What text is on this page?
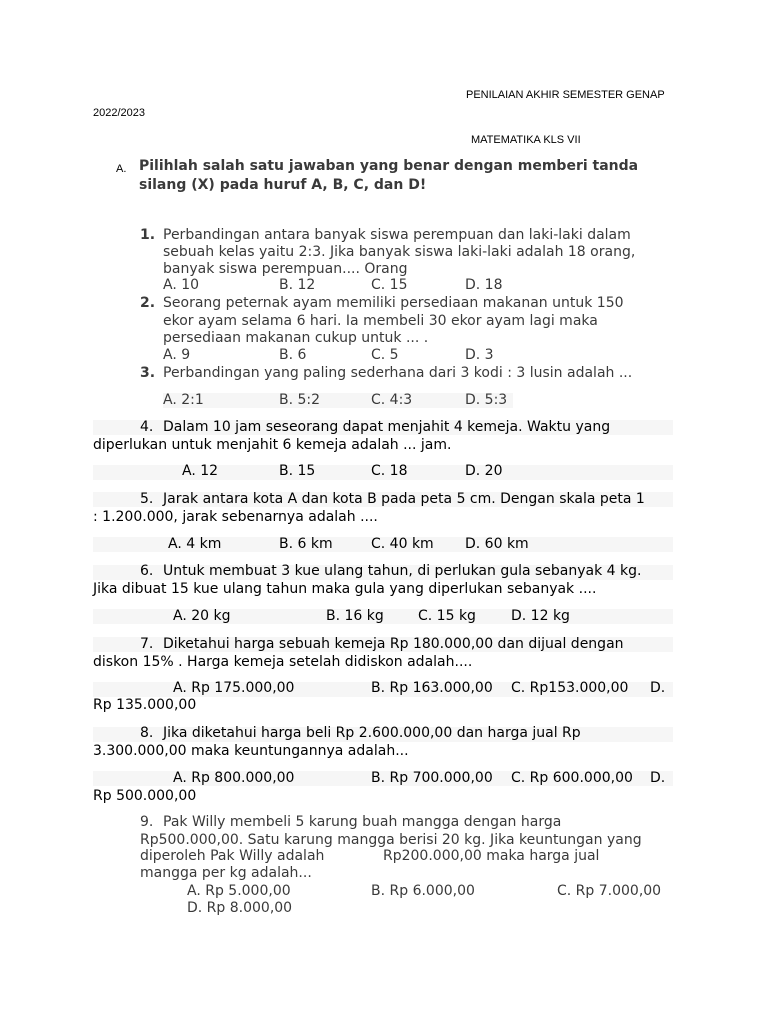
PENILAIAN AKHIR SEMESTER GENAP
2022/2023
MATEMATIKA KLS VII
A. Pilihlah salah satu jawaban yang benar dengan memberi tanda
silang (X) pada huruf A, B, C, dan D!
1. Perbandingan antara banyak siswa perempuan dan laki-laki dalam
sebuah kelas yaitu 2:3. Jika banyak siswa laki-laki adalah 18 orang,
banyak siswa perempuan.... Orang
A. 10	B. 12	C. 15	D. 18
2. Seorang peternak ayam memiliki persediaan makanan untuk 150
ekor ayam selama 6 hari. Ia membeli 30 ekor ayam lagi maka
persediaan makanan cukup untuk ... .
A. 9	B. 6	C. 5	D. 3
3. Perbandingan yang paling sederhana dari 3 kodi : 3 lusin adalah ...
A. 2:1	B. 5:2	C. 4:3	D. 5:3
4. Dalam 10 jam seseorang dapat menjahit 4 kemeja. Waktu yang
diperlukan untuk menjahit 6 kemeja adalah ... jam.
A. 12	B. 15	C. 18	D. 20
5. Jarak antara kota A dan kota B pada peta 5 cm. Dengan skala peta 1
: 1.200.000, jarak sebenarnya adalah ....
A. 4 km	B. 6 km	C. 40 km D. 60 km
6. Untuk membuat 3 kue ulang tahun, di perlukan gula sebanyak 4 kg.
Jika dibuat 15 kue ulang tahun maka gula yang diperlukan sebanyak ....
A. 20 kg	B. 16 kg C. 15 kg	D. 12 kg
7. Diketahui harga sebuah kemeja Rp 180.000,00 dan dijual dengan
diskon 15% . Harga kemeja setelah didiskon adalah....
A. Rp 175.000,00	B. Rp 163.000,00 C. Rp153.000,00 D.
Rp 135.000,00
8. Jika diketahui harga beli Rp 2.600.000,00 dan harga jual Rp
3.300.000,00 maka keuntungannya adalah...
A. Rp 800.000,00	B. Rp 700.000,00 C. Rp 600.000,00 D.
Rp 500.000,00
9. Pak Willy membeli 5 karung buah mangga dengan harga
Rp500.000,00. Satu karung mangga berisi 20 kg. Jika keuntungan yang
diperoleh Pak Willy adalah	Rp200.000,00 maka harga jual
mangga per kg adalah...
A. Rp 5.000,00	B. Rp 6.000,00	C. Rp 7.000,00
D. Rp 8.000,00
